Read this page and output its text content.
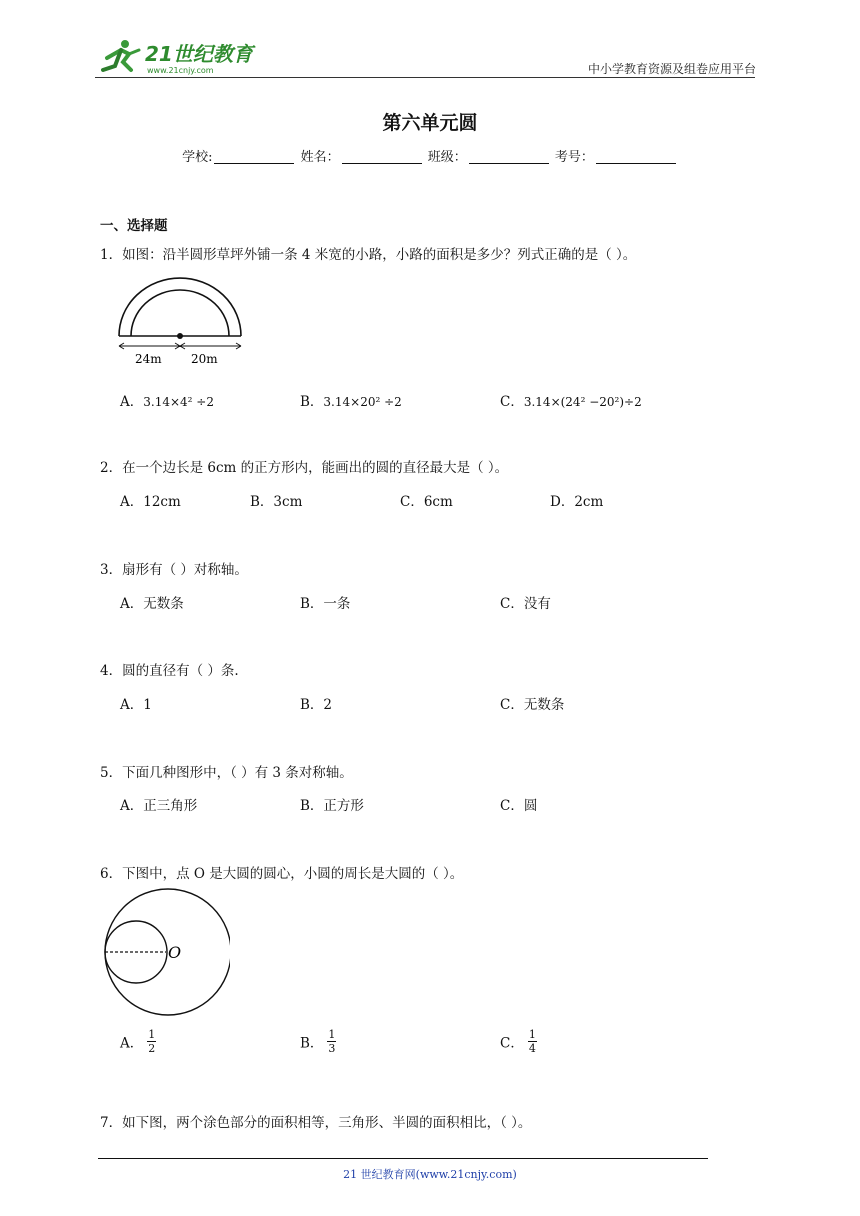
21世纪教育
www.21cnjy.com	中小学教育资源及组卷应用平台
第六单元圆
学校:	姓名：	班级：	考号：
一、选择题
1．如图：沿半圆形草坪外铺一条 4 米宽的小路，小路的面积是多少？列式正确的是（ ）。
24m 20m
A．3.14×4² ÷2	B．3.14×20² ÷2	C．3.14×(24² −20²)÷2
2．在一个边长是 6cm 的正方形内，能画出的圆的直径最大是（ ）。
A．12cm	B．3cm	C．6cm	D．2cm
3．扇形有（ ）对称轴。
A．无数条	B．一条	C．没有
4．圆的直径有（ ）条.
A．1	B．2	C．无数条
5．下面几种图形中，（ ）有 3 条对称轴。
A．正三角形	B．正方形	C．圆
6．下图中，点 O 是大圆的圆心，小圆的周长是大圆的（ ）。
O
A． $\frac{1}{2}$	B． $\frac{1}{3}$	C． $\frac{1}{4}$
7．如下图，两个涂色部分的面积相等，三角形、半圆的面积相比，（ ）。
21 世纪教育网(www.21cnjy.com)
